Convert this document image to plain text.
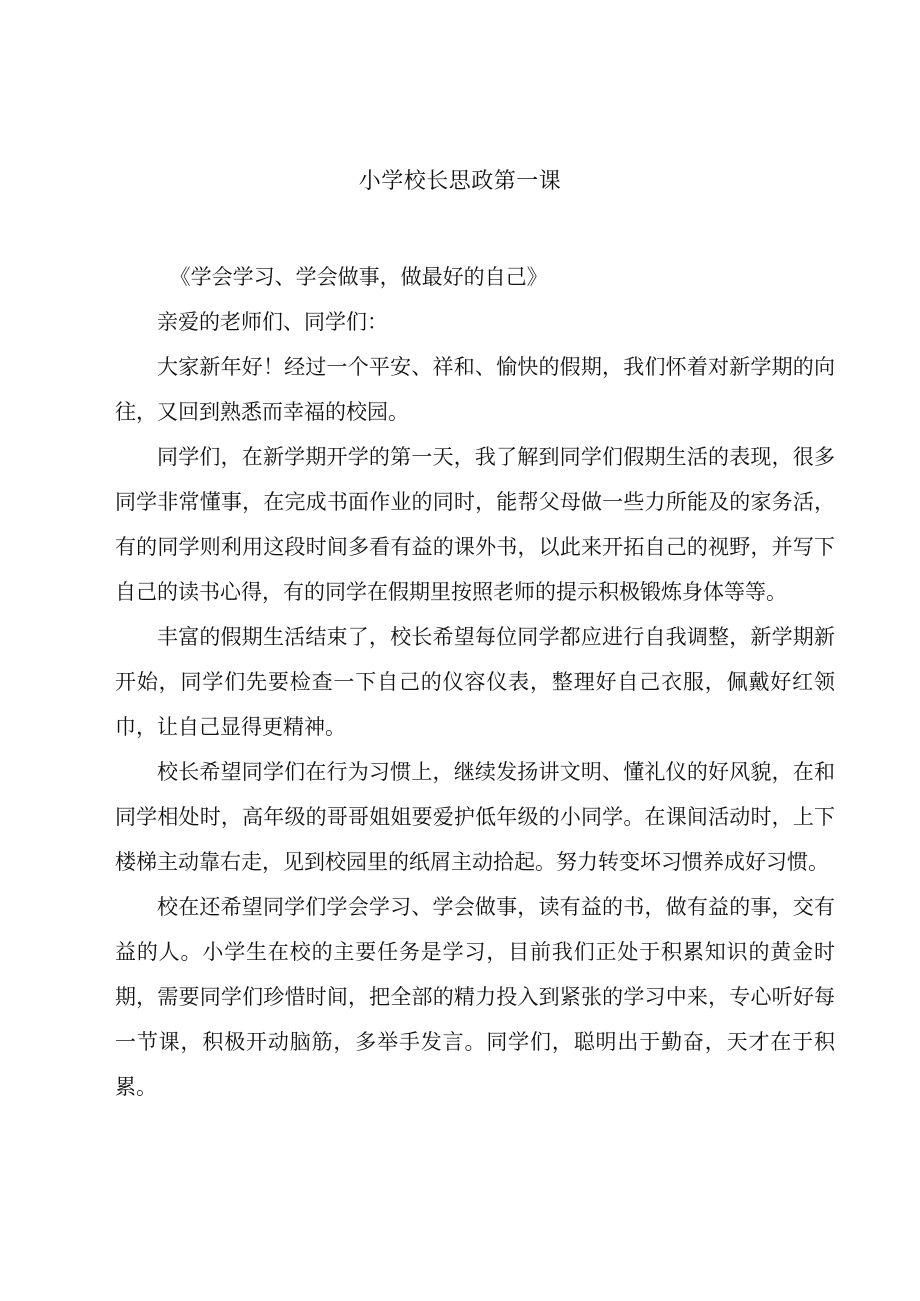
小学校长思政第一课

《学会学习、学会做事，做最好的自己》

亲爱的老师们、同学们：

大家新年好！经过一个平安、祥和、愉快的假期，我们怀着对新学期的向往，又回到熟悉而幸福的校园。

同学们，在新学期开学的第一天，我了解到同学们假期生活的表现，很多同学非常懂事，在完成书面作业的同时，能帮父母做一些力所能及的家务活，有的同学则利用这段时间多看有益的课外书，以此来开拓自己的视野，并写下自己的读书心得，有的同学在假期里按照老师的提示积极锻炼身体等等。

丰富的假期生活结束了，校长希望每位同学都应进行自我调整，新学期新开始，同学们先要检查一下自己的仪容仪表，整理好自己衣服，佩戴好红领巾，让自己显得更精神。

校长希望同学们在行为习惯上，继续发扬讲文明、懂礼仪的好风貌，在和同学相处时，高年级的哥哥姐姐要爱护低年级的小同学。在课间活动时，上下楼梯主动靠右走，见到校园里的纸屑主动拾起。努力转变坏习惯养成好习惯。

校在还希望同学们学会学习、学会做事，读有益的书，做有益的事，交有益的人。小学生在校的主要任务是学习，目前我们正处于积累知识的黄金时期，需要同学们珍惜时间，把全部的精力投入到紧张的学习中来，专心听好每一节课，积极开动脑筋，多举手发言。同学们，聪明出于勤奋，天才在于积累。
